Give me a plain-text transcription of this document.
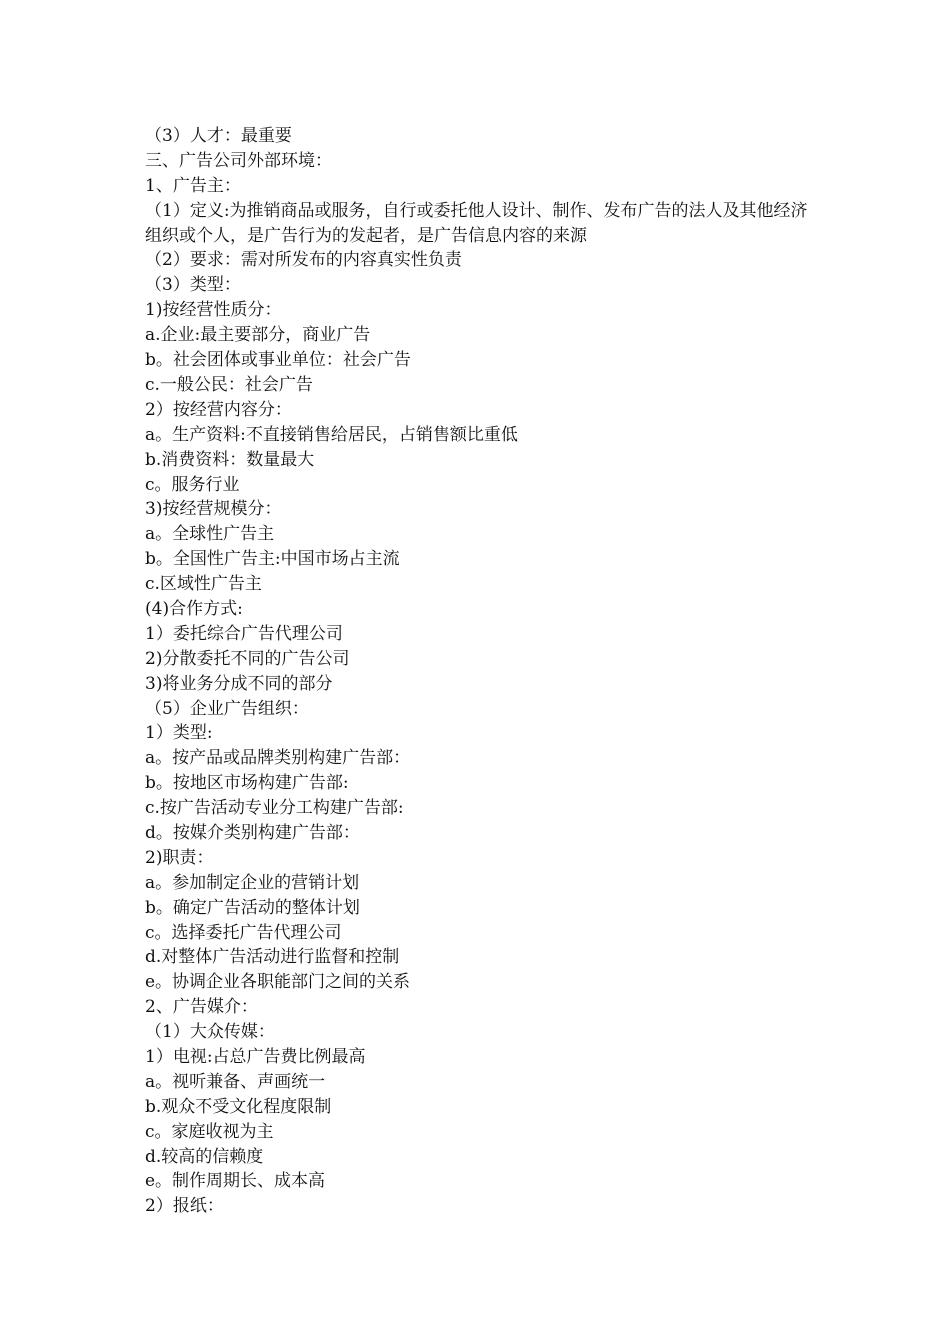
（3）人才：最重要
三、广告公司外部环境：
1、广告主：
（1）定义:为推销商品或服务，自行或委托他人设计、制作、发布广告的法人及其他经济组织或个人，是广告行为的发起者，是广告信息内容的来源
（2）要求：需对所发布的内容真实性负责
（3）类型：
1)按经营性质分：
a.企业:最主要部分，商业广告
b。社会团体或事业单位：社会广告
c.一般公民：社会广告
2）按经营内容分：
a。生产资料:不直接销售给居民，占销售额比重低
b.消费资料：数量最大
c。服务行业
3)按经营规模分：
a。全球性广告主
b。全国性广告主:中国市场占主流
c.区域性广告主
(4)合作方式:
1）委托综合广告代理公司
2)分散委托不同的广告公司
3)将业务分成不同的部分
（5）企业广告组织：
1）类型:
a。按产品或品牌类别构建广告部：
b。按地区市场构建广告部:
c.按广告活动专业分工构建广告部:
d。按媒介类别构建广告部：
2)职责：
a。参加制定企业的营销计划
b。确定广告活动的整体计划
c。选择委托广告代理公司
d.对整体广告活动进行监督和控制
e。协调企业各职能部门之间的关系
2、广告媒介：
（1）大众传媒：
1）电视:占总广告费比例最高
a。视听兼备、声画统一
b.观众不受文化程度限制
c。家庭收视为主
d.较高的信赖度
e。制作周期长、成本高
2）报纸：
